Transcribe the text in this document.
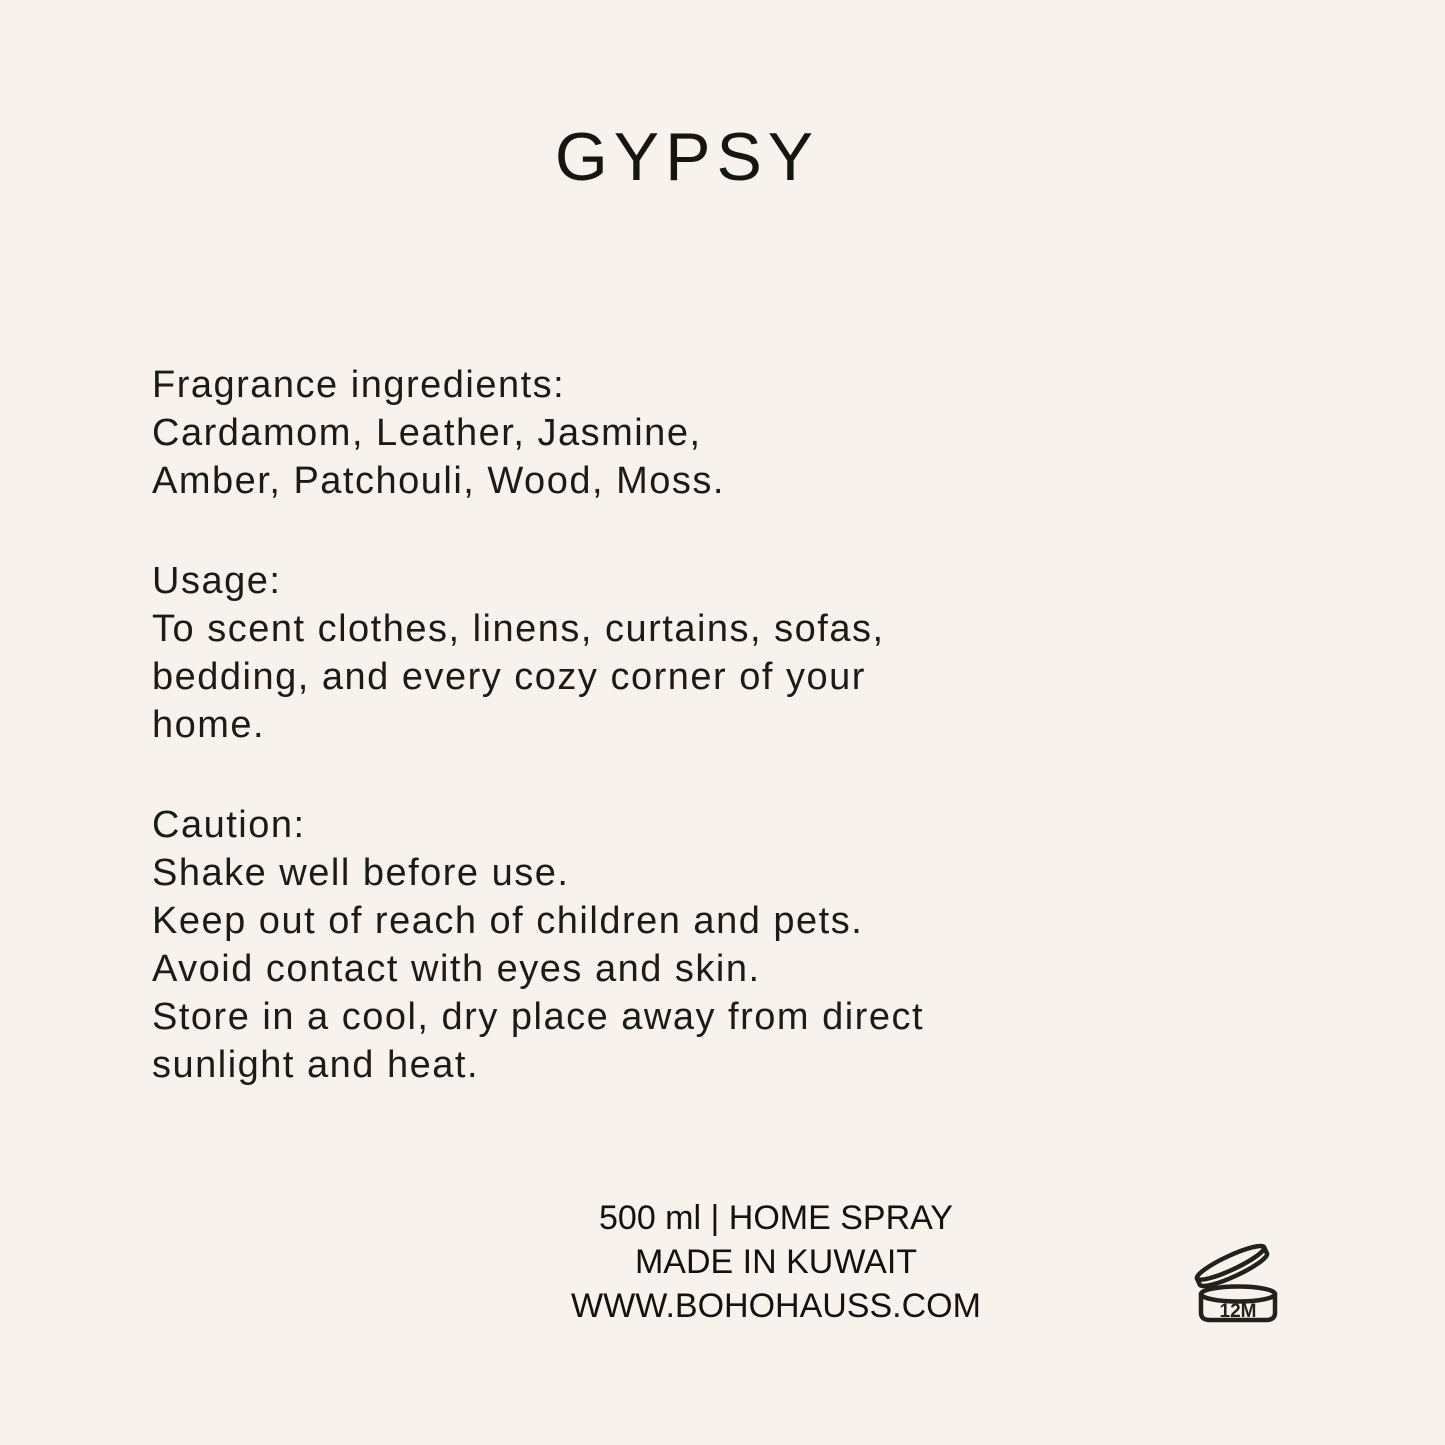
GYPSY
Fragrance ingredients:
Cardamom, Leather, Jasmine,
Amber, Patchouli, Wood, Moss.
Usage:
To scent clothes, linens, curtains, sofas,
bedding, and every cozy corner of your
home.
Caution:
Shake well before use.
Keep out of reach of children and pets.
Avoid contact with eyes and skin.
Store in a cool, dry place away from direct
sunlight and heat.
500 ml | HOME SPRAY
MADE IN KUWAIT
WWW.BOHOHAUSS.COM	12M
